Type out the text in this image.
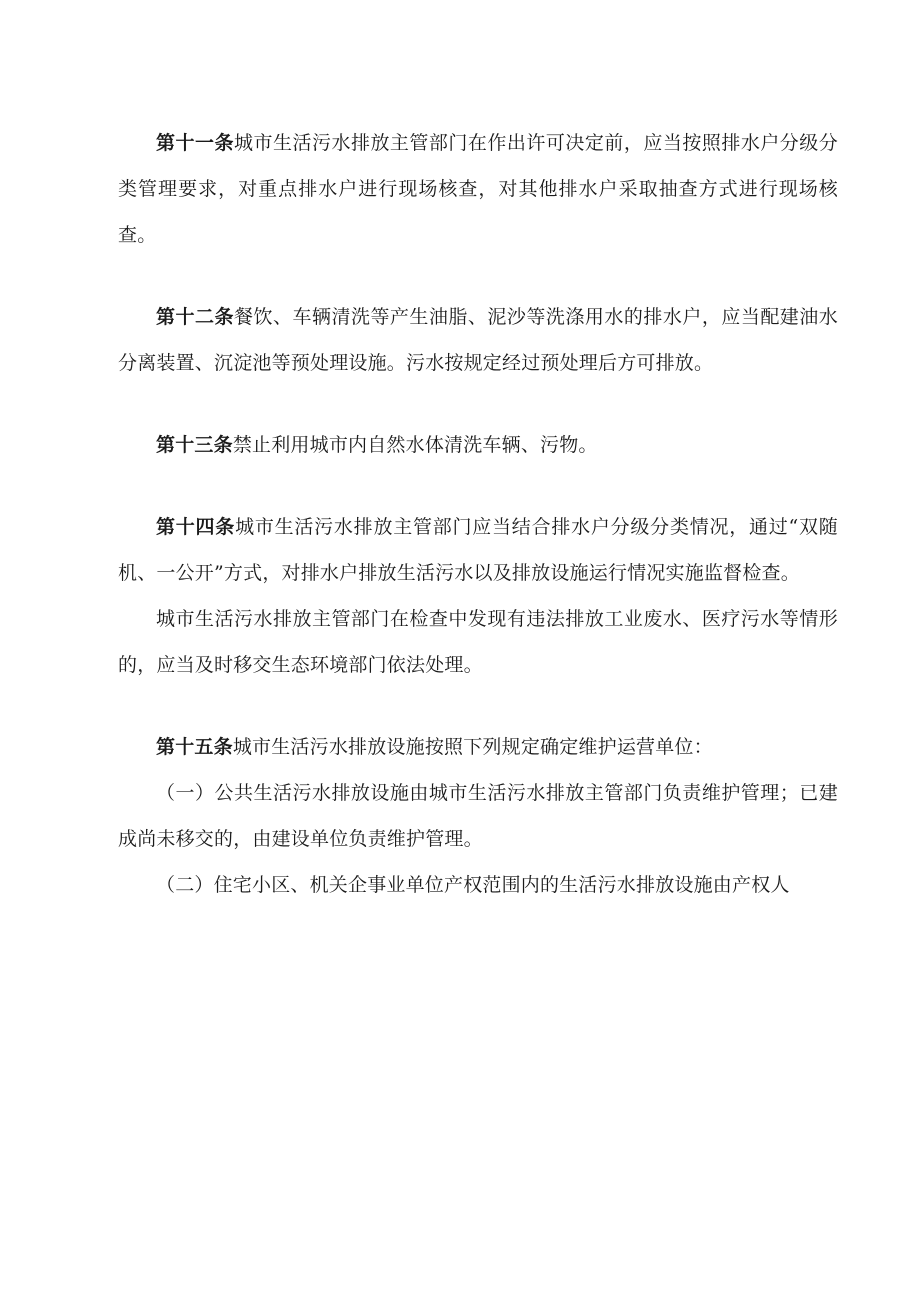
第十一条城市生活污水排放主管部门在作出许可决定前，应当按照排水户分级分类管理要求，对重点排水户进行现场核查，对其他排水户采取抽查方式进行现场核查。

第十二条餐饮、车辆清洗等产生油脂、泥沙等洗涤用水的排水户，应当配建油水分离装置、沉淀池等预处理设施。污水按规定经过预处理后方可排放。

第十三条禁止利用城市内自然水体清洗车辆、污物。

第十四条城市生活污水排放主管部门应当结合排水户分级分类情况，通过“双随机、一公开”方式，对排水户排放生活污水以及排放设施运行情况实施监督检查。

城市生活污水排放主管部门在检查中发现有违法排放工业废水、医疗污水等情形的，应当及时移交生态环境部门依法处理。

第十五条城市生活污水排放设施按照下列规定确定维护运营单位：

（一）公共生活污水排放设施由城市生活污水排放主管部门负责维护管理；已建成尚未移交的，由建设单位负责维护管理。

（二）住宅小区、机关企事业单位产权范围内的生活污水排放设施由产权人
